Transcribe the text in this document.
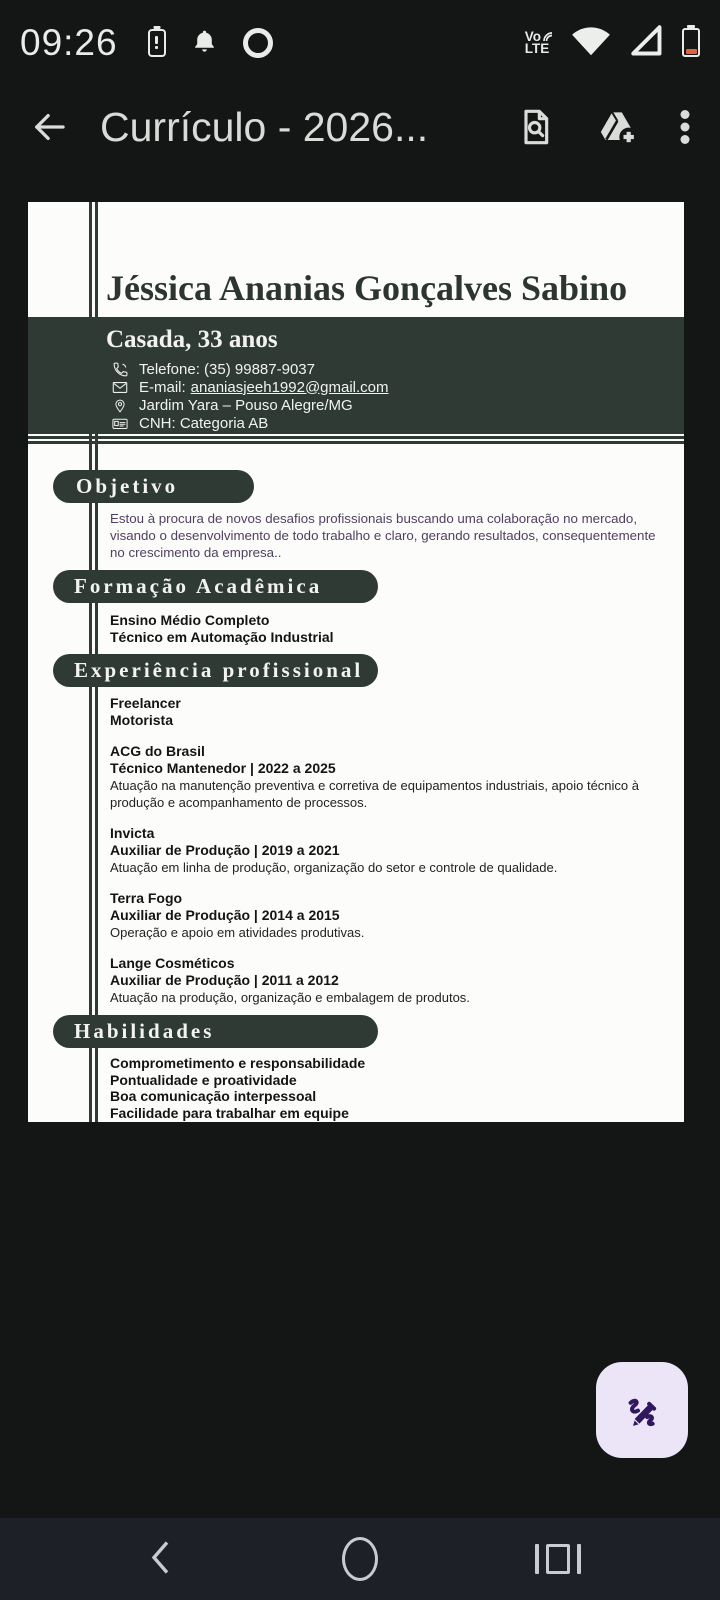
09:26	Vo
LTE
Currículo - 2026...
Jéssica Ananias Gonçalves Sabino
Casada, 33 anos
Telefone: (35) 99887-9037
E-mail: ananiasjeeh1992@gmail.com
Jardim Yara – Pouso Alegre/MG
CNH: Categoria AB
Objetivo

Estou à procura de novos desafios profissionais buscando uma colaboração no mercado, visando o desenvolvimento de todo trabalho e claro, gerando resultados, consequentemente no crescimento da empresa..

Formação Acadêmica
Ensino Médio Completo
Técnico em Automação Industrial
Experiência profissional
Freelancer
Motorista
ACG do Brasil
Técnico Mantenedor | 2022 a 2025
Atuação na manutenção preventiva e corretiva de equipamentos industriais, apoio técnico à produção e acompanhamento de processos.
Invicta
Auxiliar de Produção | 2019 a 2021
Atuação em linha de produção, organização do setor e controle de qualidade.
Terra Fogo
Auxiliar de Produção | 2014 a 2015
Operação e apoio em atividades produtivas.
Lange Cosméticos
Auxiliar de Produção | 2011 a 2012
Atuação na produção, organização e embalagem de produtos.
Habilidades
Comprometimento e responsabilidade
Pontualidade e proatividade
Boa comunicação interpessoal
Facilidade para trabalhar em equipe
